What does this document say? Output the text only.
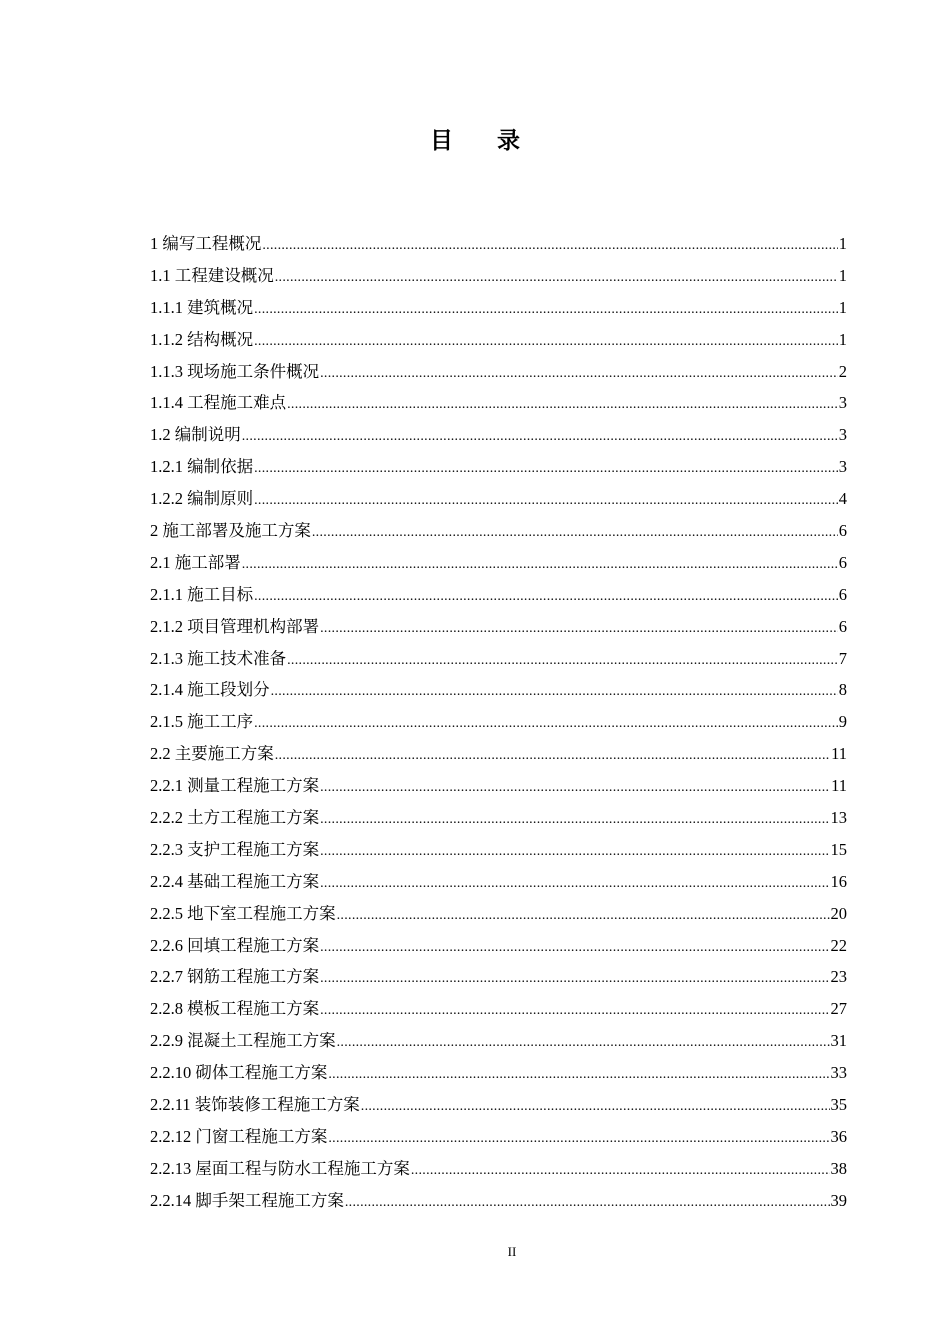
目 录
1 编写工程概况 .....	1
1.1 工程建设概况 .....	1
1.1.1 建筑概况 .....	1
1.1.2 结构概况 .....	1
1.1.3 现场施工条件概况 .....	2
1.1.4 工程施工难点 .....	3
1.2 编制说明 .....	3
1.2.1 编制依据 .....	3
1.2.2 编制原则 .....	4
2 施工部署及施工方案 .....	6
2.1 施工部署 .....	6
2.1.1 施工目标 .....	6
2.1.2 项目管理机构部署 .....	6
2.1.3 施工技术准备 .....	7
2.1.4 施工段划分 .....	8
2.1.5 施工工序 .....	9
2.2 主要施工方案 .....	11
2.2.1 测量工程施工方案 .....	11
2.2.2 土方工程施工方案 .....	13
2.2.3 支护工程施工方案 .....	15
2.2.4 基础工程施工方案 .....	16
2.2.5 地下室工程施工方案 .....	20
2.2.6 回填工程施工方案 .....	22
2.2.7 钢筋工程施工方案 .....	23
2.2.8 模板工程施工方案 .....	27
2.2.9 混凝土工程施工方案 .....	31
2.2.10 砌体工程施工方案 .....	33
2.2.11 装饰装修工程施工方案 .....	35
2.2.12 门窗工程施工方案 .....	36
2.2.13 屋面工程与防水工程施工方案 .....	38
2.2.14 脚手架工程施工方案 .....	39
II
